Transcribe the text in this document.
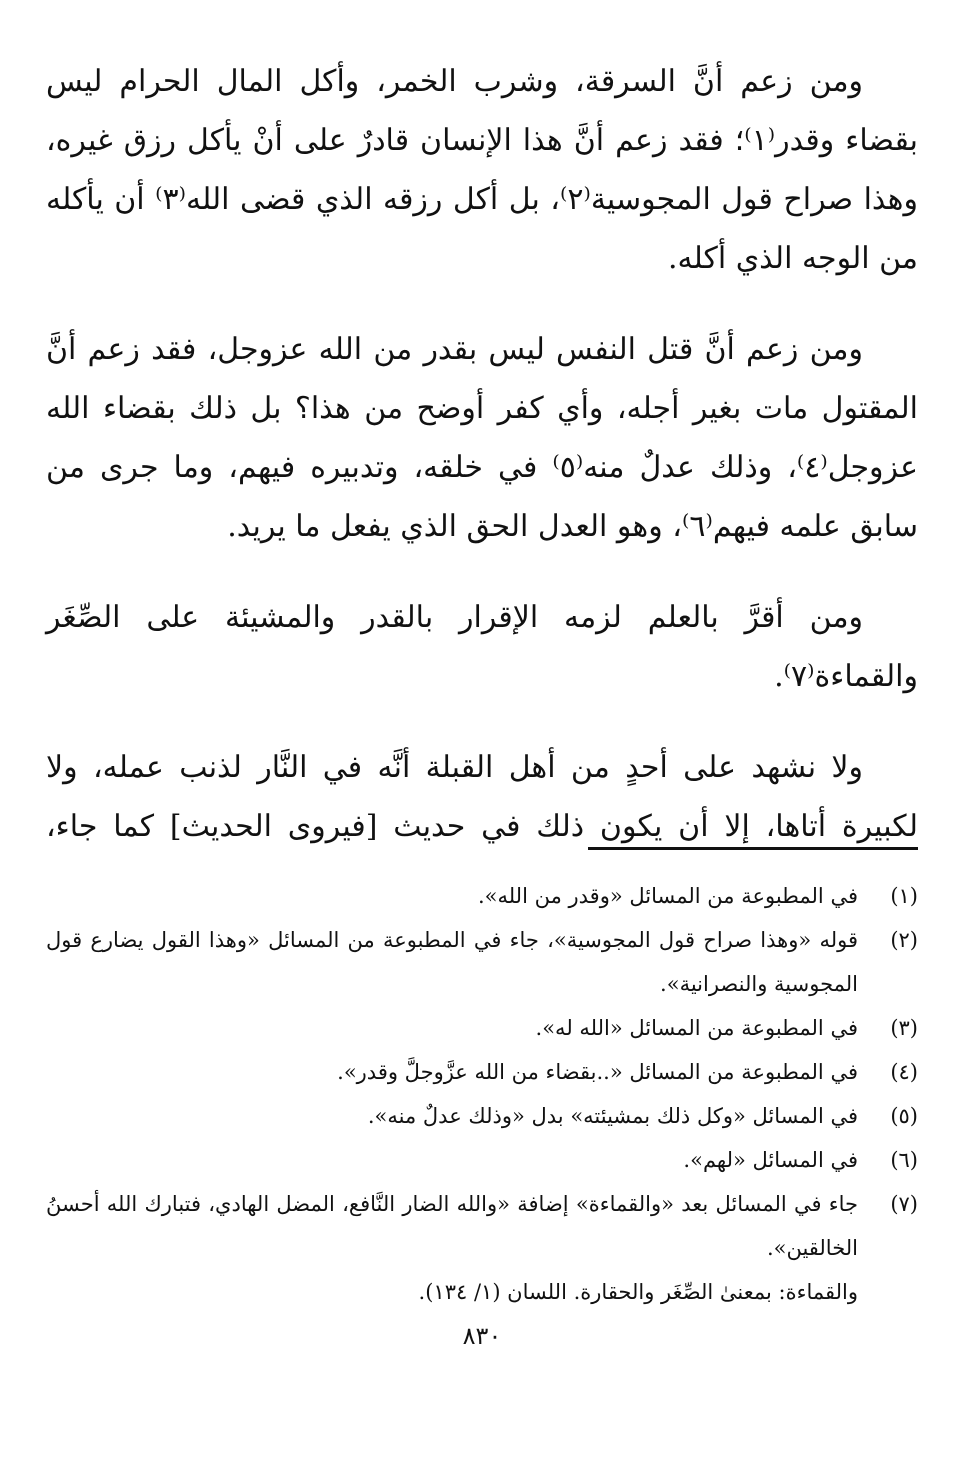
ومن زعم أنَّ السرقة، وشرب الخمر، وأكل المال الحرام ليس بقضاء وقدر⁽١⁾؛ فقد زعم أنَّ هذا الإنسان قادرٌ على أنْ يأكل رزق غيره، وهذا صراح قول المجوسية⁽٢⁾، بل أكل رزقه الذي قضى الله⁽٣⁾ أن يأكله من الوجه الذي أكله.

ومن زعم أنَّ قتل النفس ليس بقدر من الله عزوجل، فقد زعم أنَّ المقتول مات بغير أجله، وأي كفر أوضح من هذا؟ بل ذلك بقضاء الله عزوجل⁽٤⁾، وذلك عدلٌ منه⁽٥⁾ في خلقه، وتدبيره فيهم، وما جرى من سابق علمه فيهم⁽٦⁾، وهو العدل الحق الذي يفعل ما يريد.

ومن أقرَّ بالعلم لزمه الإقرار بالقدر والمشيئة على الصِّغَر والقماءة⁽٧⁾.

ولا نشهد على أحدٍ من أهل القبلة أنَّه في النَّار لذنب عمله، ولا لكبيرة أتاها، إلا أن يكون ذلك في حديث [فيروى الحديث] كما جاء،

(١)
في المطبوعة من المسائل «وقدر من الله».
(٢)
قوله «وهذا صراح قول المجوسية»، جاء في المطبوعة من المسائل «وهذا القول يضارع قول المجوسية والنصرانية».
(٣)
في المطبوعة من المسائل «الله له».
(٤)
في المطبوعة من المسائل «..بقضاء من الله عزَّوجلَّ وقدر».
(٥)
في المسائل «وكل ذلك بمشيئته» بدل «وذلك عدلٌ منه».
(٦)
في المسائل «لهم».
(٧)
جاء في المسائل بعد «والقماءة» إضافة «والله الضار النَّافع، المضل الهادي، فتبارك الله أحسنُ الخالقين».
والقماءة: بمعنىٰ الصِّغَر والحقارة. اللسان (١/ ١٣٤).
٨٣٠
